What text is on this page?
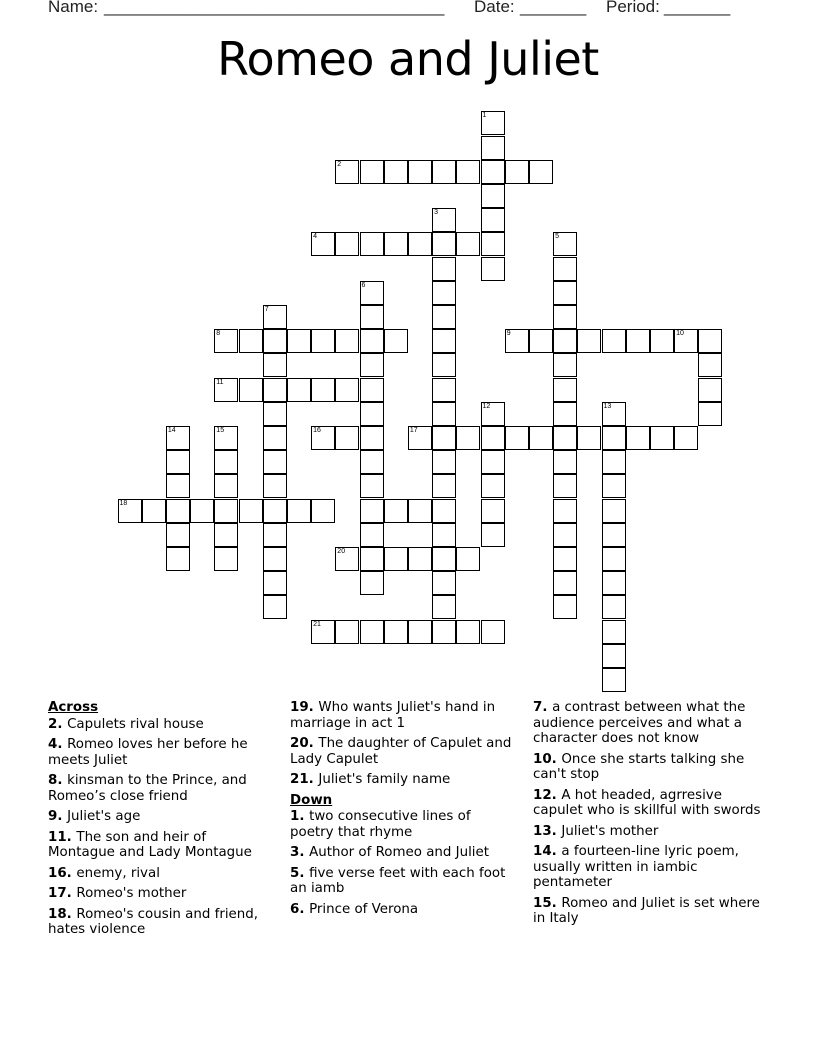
Name: ____________________________________ Date: _______ Period: _______
Romeo and Juliet
1
2
3
4	5
6
7
8	9	10
11
12	13
14	15	16	17
18
20
21
Across
2. Capulets rival house
4. Romeo loves her before he meets Juliet
8. kinsman to the Prince, and Romeo’s close friend
9. Juliet's age
11. The son and heir of Montague and Lady Montague
16. enemy, rival
17. Romeo's mother
18. Romeo's cousin and friend, hates violence
19. Who wants Juliet's hand in marriage in act 1
20. The daughter of Capulet and Lady Capulet
21. Juliet's family name
Down
1. two consecutive lines of poetry that rhyme
3. Author of Romeo and Juliet
5. five verse feet with each foot an iamb
6. Prince of Verona
7. a contrast between what the audience perceives and what a character does not know
10. Once she starts talking she can't stop
12. A hot headed, agrresive capulet who is skillful with swords
13. Juliet's mother
14. a fourteen-line lyric poem, usually written in iambic pentameter
15. Romeo and Juliet is set where in Italy
